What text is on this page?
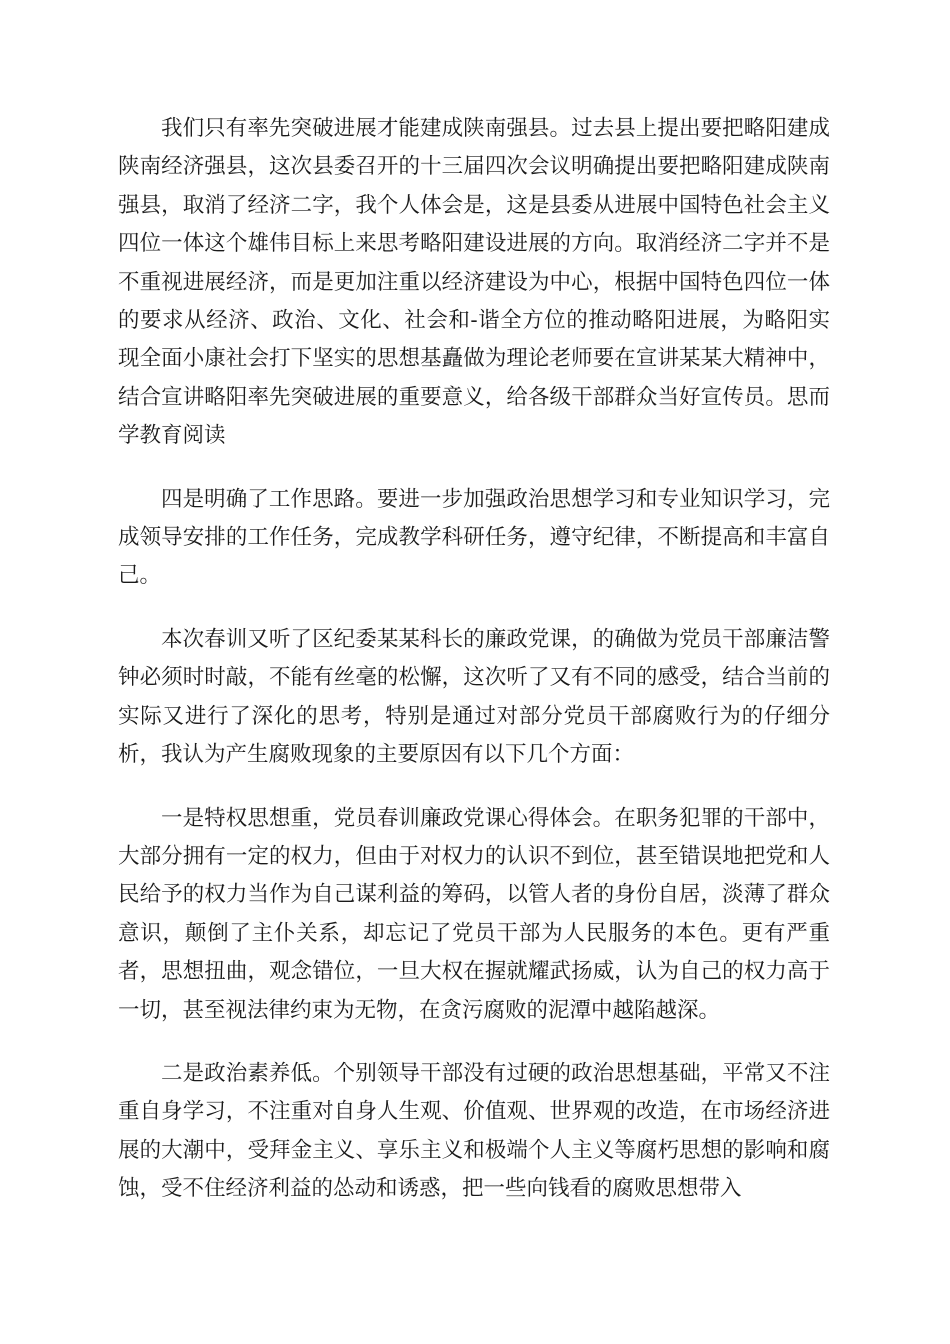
我们只有率先突破进展才能建成陕南强县。过去县上提出要把略阳建成陕南经济强县，这次县委召开的十三届四次会议明确提出要把略阳建成陕南强县，取消了经济二字，我个人体会是，这是县委从进展中国特色社会主义四位一体这个雄伟目标上来思考略阳建设进展的方向。取消经济二字并不是不重视进展经济，而是更加注重以经济建设为中心，根据中国特色四位一体的要求从经济、政治、文化、社会和-谐全方位的推动略阳进展，为略阳实现全面小康社会打下坚实的思想基矗做为理论老师要在宣讲某某大精神中，结合宣讲略阳率先突破进展的重要意义，给各级干部群众当好宣传员。思而学教育阅读

四是明确了工作思路。要进一步加强政治思想学习和专业知识学习，完成领导安排的工作任务，完成教学科研任务，遵守纪律，不断提高和丰富自己。

本次春训又听了区纪委某某科长的廉政党课，的确做为党员干部廉洁警钟必须时时敲，不能有丝毫的松懈，这次听了又有不同的感受，结合当前的实际又进行了深化的思考，特别是通过对部分党员干部腐败行为的仔细分析，我认为产生腐败现象的主要原因有以下几个方面：

一是特权思想重，党员春训廉政党课心得体会。在职务犯罪的干部中，大部分拥有一定的权力，但由于对权力的认识不到位，甚至错误地把党和人民给予的权力当作为自己谋利益的筹码，以管人者的身份自居，淡薄了群众意识，颠倒了主仆关系，却忘记了党员干部为人民服务的本色。更有严重者，思想扭曲，观念错位，一旦大权在握就耀武扬威，认为自己的权力高于一切，甚至视法律约束为无物，在贪污腐败的泥潭中越陷越深。

二是政治素养低。个别领导干部没有过硬的政治思想基础，平常又不注重自身学习，不注重对自身人生观、价值观、世界观的改造，在市场经济进展的大潮中，受拜金主义、享乐主义和极端个人主义等腐朽思想的影响和腐蚀，受不住经济利益的怂动和诱惑，把一些向钱看的腐败思想带入
